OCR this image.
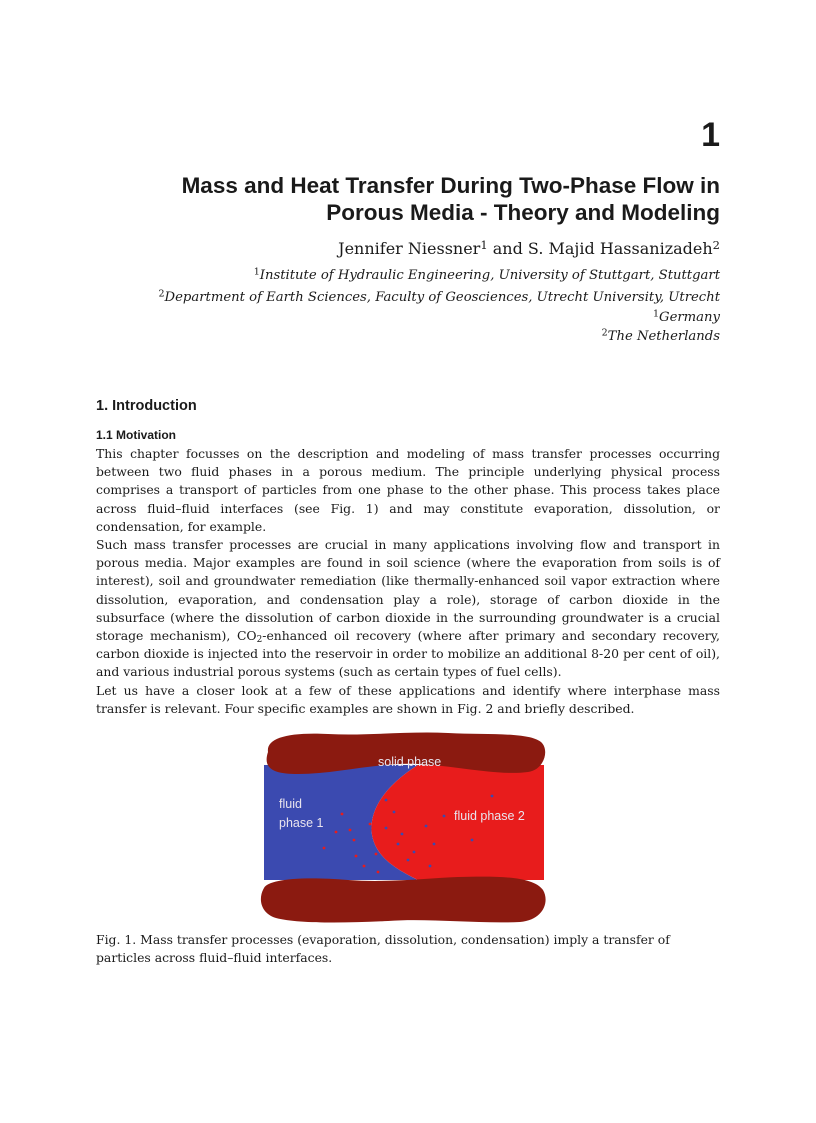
1
Mass and Heat Transfer During Two-Phase Flow in
Porous Media - Theory and Modeling
Jennifer Niessner$^1$ and S. Majid Hassanizadeh$^2$
$^1$Institute of Hydraulic Engineering, University of Stuttgart, Stuttgart
$^2$Department of Earth Sciences, Faculty of Geosciences, Utrecht University, Utrecht
$^1$Germany
$^2$The Netherlands
1. Introduction
1.1 Motivation

This chapter focusses on the description and modeling of mass transfer processes occurring between two fluid phases in a porous medium. The principle underlying physical process comprises a transport of particles from one phase to the other phase. This process takes place across fluid–fluid interfaces (see Fig. 1) and may constitute evaporation, dissolution, or condensation, for example.

Such mass transfer processes are crucial in many applications involving flow and transport in porous media. Major examples are found in soil science (where the evaporation from soils is of interest), soil and groundwater remediation (like thermally-enhanced soil vapor extraction where dissolution, evaporation, and condensation play a role), storage of carbon dioxide in the subsurface (where the dissolution of carbon dioxide in the surrounding groundwater is a crucial storage mechanism), $CO_2$-enhanced oil recovery (where after primary and secondary recovery, carbon dioxide is injected into the reservoir in order to mobilize an additional 8-20 per cent of oil), and various industrial porous systems (such as certain types of fuel cells).

Let us have a closer look at a few of these applications and identify where interphase mass transfer is relevant. Four specific examples are shown in Fig. 2 and briefly described.

solid phase
fluid
phase 1	fluid phase 2
Fig. 1. Mass transfer processes (evaporation, dissolution, condensation) imply a transfer of particles across fluid–fluid interfaces.
